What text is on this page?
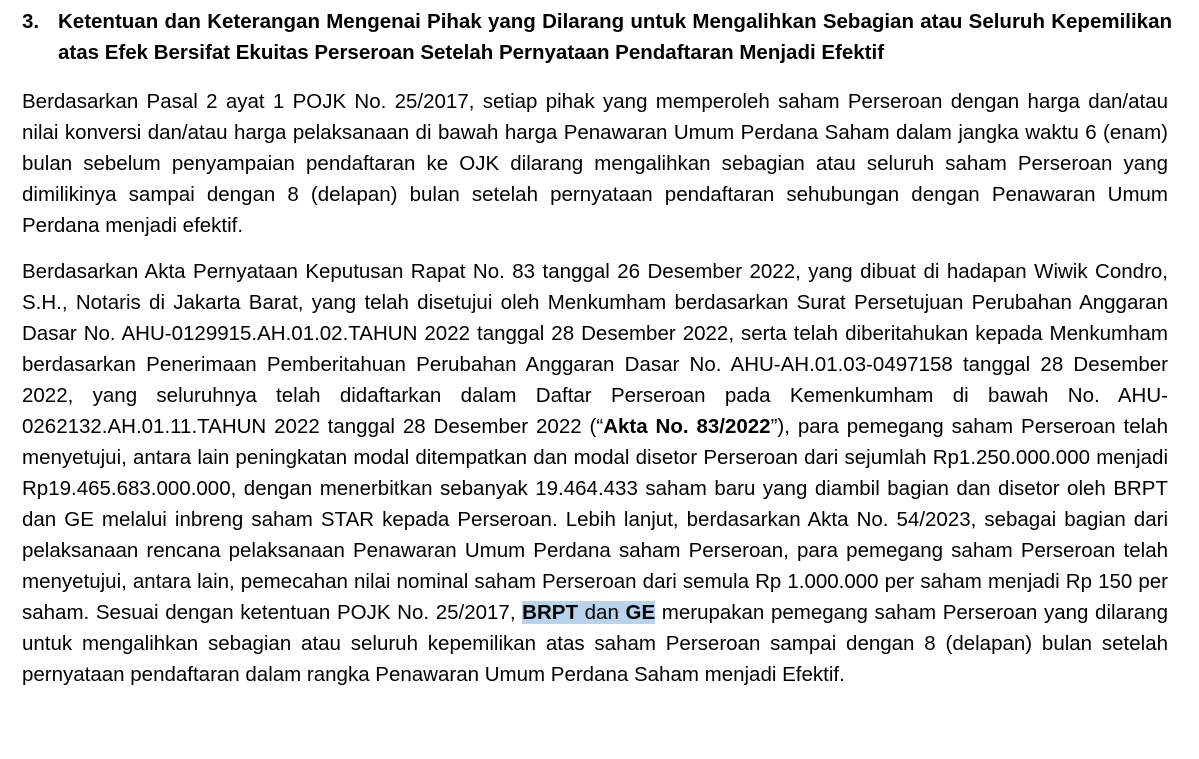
3. Ketentuan dan Keterangan Mengenai Pihak yang Dilarang untuk Mengalihkan Sebagian atau Seluruh Kepemilikan atas Efek Bersifat Ekuitas Perseroan Setelah Pernyataan Pendaftaran Menjadi Efektif

Berdasarkan Pasal 2 ayat 1 POJK No. 25/2017, setiap pihak yang memperoleh saham Perseroan dengan harga dan/atau nilai konversi dan/atau harga pelaksanaan di bawah harga Penawaran Umum Perdana Saham dalam jangka waktu 6 (enam) bulan sebelum penyampaian pendaftaran ke OJK dilarang mengalihkan sebagian atau seluruh saham Perseroan yang dimilikinya sampai dengan 8 (delapan) bulan setelah pernyataan pendaftaran sehubungan dengan Penawaran Umum Perdana menjadi efektif.

Berdasarkan Akta Pernyataan Keputusan Rapat No. 83 tanggal 26 Desember 2022, yang dibuat di hadapan Wiwik Condro, S.H., Notaris di Jakarta Barat, yang telah disetujui oleh Menkumham berdasarkan Surat Persetujuan Perubahan Anggaran Dasar No. AHU-0129915.AH.01.02.TAHUN 2022 tanggal 28 Desember 2022, serta telah diberitahukan kepada Menkumham berdasarkan Penerimaan Pemberitahuan Perubahan Anggaran Dasar No. AHU-AH.01.03-0497158 tanggal 28 Desember 2022, yang seluruhnya telah didaftarkan dalam Daftar Perseroan pada Kemenkumham di bawah No. AHU-0262132.AH.01.11.TAHUN 2022 tanggal 28 Desember 2022 (“Akta No. 83/2022”), para pemegang saham Perseroan telah menyetujui, antara lain peningkatan modal ditempatkan dan modal disetor Perseroan dari sejumlah Rp1.250.000.000 menjadi Rp19.465.683.000.000, dengan menerbitkan sebanyak 19.464.433 saham baru yang diambil bagian dan disetor oleh BRPT dan GE melalui inbreng saham STAR kepada Perseroan. Lebih lanjut, berdasarkan Akta No. 54/2023, sebagai bagian dari pelaksanaan rencana pelaksanaan Penawaran Umum Perdana saham Perseroan, para pemegang saham Perseroan telah menyetujui, antara lain, pemecahan nilai nominal saham Perseroan dari semula Rp 1.000.000 per saham menjadi Rp 150 per saham. Sesuai dengan ketentuan POJK No. 25/2017, BRPT dan GE merupakan pemegang saham Perseroan yang dilarang untuk mengalihkan sebagian atau seluruh kepemilikan atas saham Perseroan sampai dengan 8 (delapan) bulan setelah pernyataan pendaftaran dalam rangka Penawaran Umum Perdana Saham menjadi Efektif.
